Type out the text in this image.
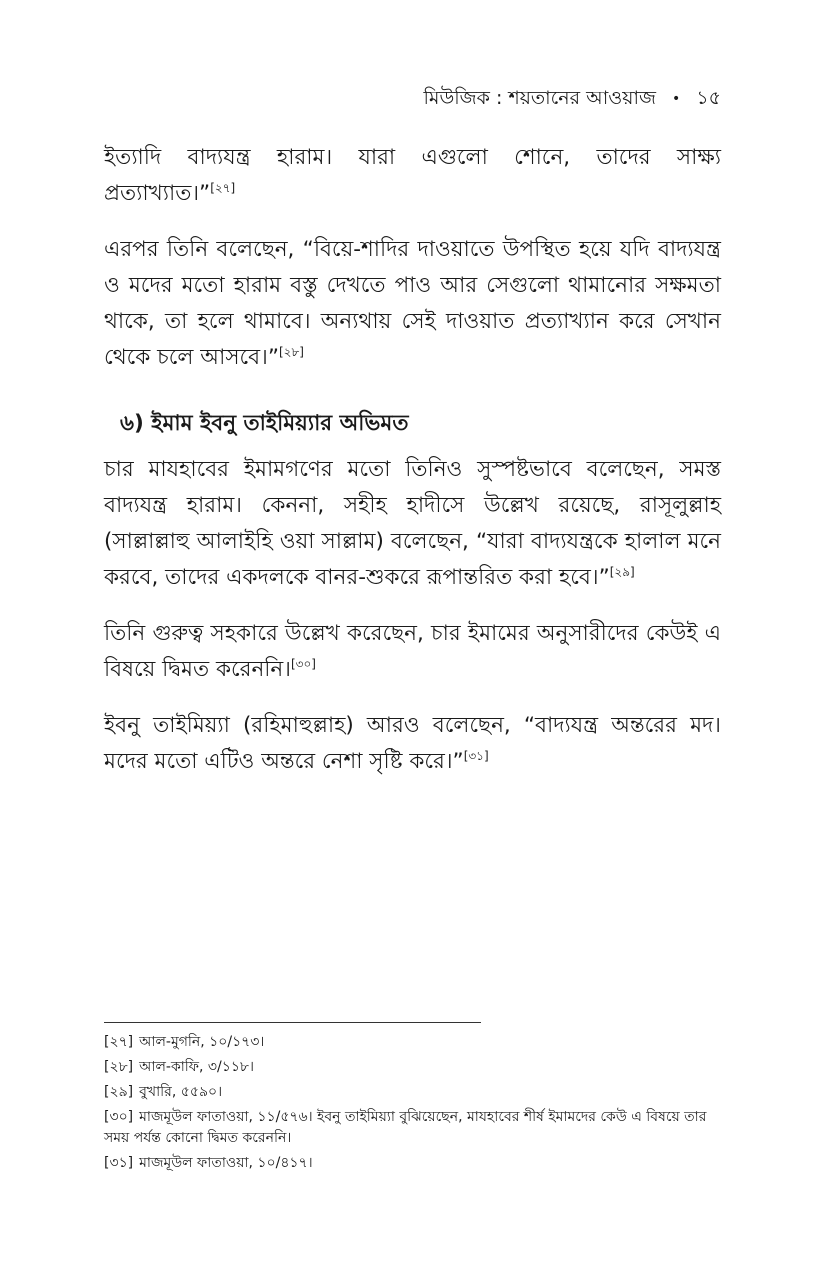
মিউজিক : শয়তানের আওয়াজ • ১৫

ইত্যাদি বাদ্যযন্ত্র হারাম। যারা এগুলো শোনে, তাদের সাক্ষ্য প্রত্যাখ্যাত।”[২৭]

এরপর তিনি বলেছেন, “বিয়ে-শাদির দাওয়াতে উপস্থিত হয়ে যদি বাদ্যযন্ত্র ও মদের মতো হারাম বস্তু দেখতে পাও আর সেগুলো থামানোর সক্ষমতা থাকে, তা হলে থামাবে। অন্যথায় সেই দাওয়াত প্রত্যাখ্যান করে সেখান থেকে চলে আসবে।”[২৮]

৬) ইমাম ইবনু তাইমিয়্যার অভিমত

চার মাযহাবের ইমামগণের মতো তিনিও সুস্পষ্টভাবে বলেছেন, সমস্ত বাদ্যযন্ত্র হারাম। কেননা, সহীহ হাদীসে উল্লেখ রয়েছে, রাসূলুল্লাহ (সাল্লাল্লাহু আলাইহি ওয়া সাল্লাম) বলেছেন, “যারা বাদ্যযন্ত্রকে হালাল মনে করবে, তাদের একদলকে বানর-শুকরে রূপান্তরিত করা হবে।”[২৯]

তিনি গুরুত্ব সহকারে উল্লেখ করেছেন, চার ইমামের অনুসারীদের কেউই এ বিষয়ে দ্বিমত করেননি।[৩০]

ইবনু তাইমিয়্যা (রহিমাহুল্লাহ) আরও বলেছেন, “বাদ্যযন্ত্র অন্তরের মদ। মদের মতো এটিও অন্তরে নেশা সৃষ্টি করে।”[৩১]

[২৭] আল-মুগনি, ১০/১৭৩।

[২৮] আল-কাফি, ৩/১১৮।

[২৯] বুখারি, ৫৫৯০।

[৩০] মাজমূউল ফাতাওয়া, ১১/৫৭৬। ইবনু তাইমিয়্যা বুঝিয়েছেন, মাযহাবের শীর্ষ ইমামদের কেউ এ বিষয়ে তার সময় পর্যন্ত কোনো দ্বিমত করেননি।

[৩১] মাজমূউল ফাতাওয়া, ১০/৪১৭।
